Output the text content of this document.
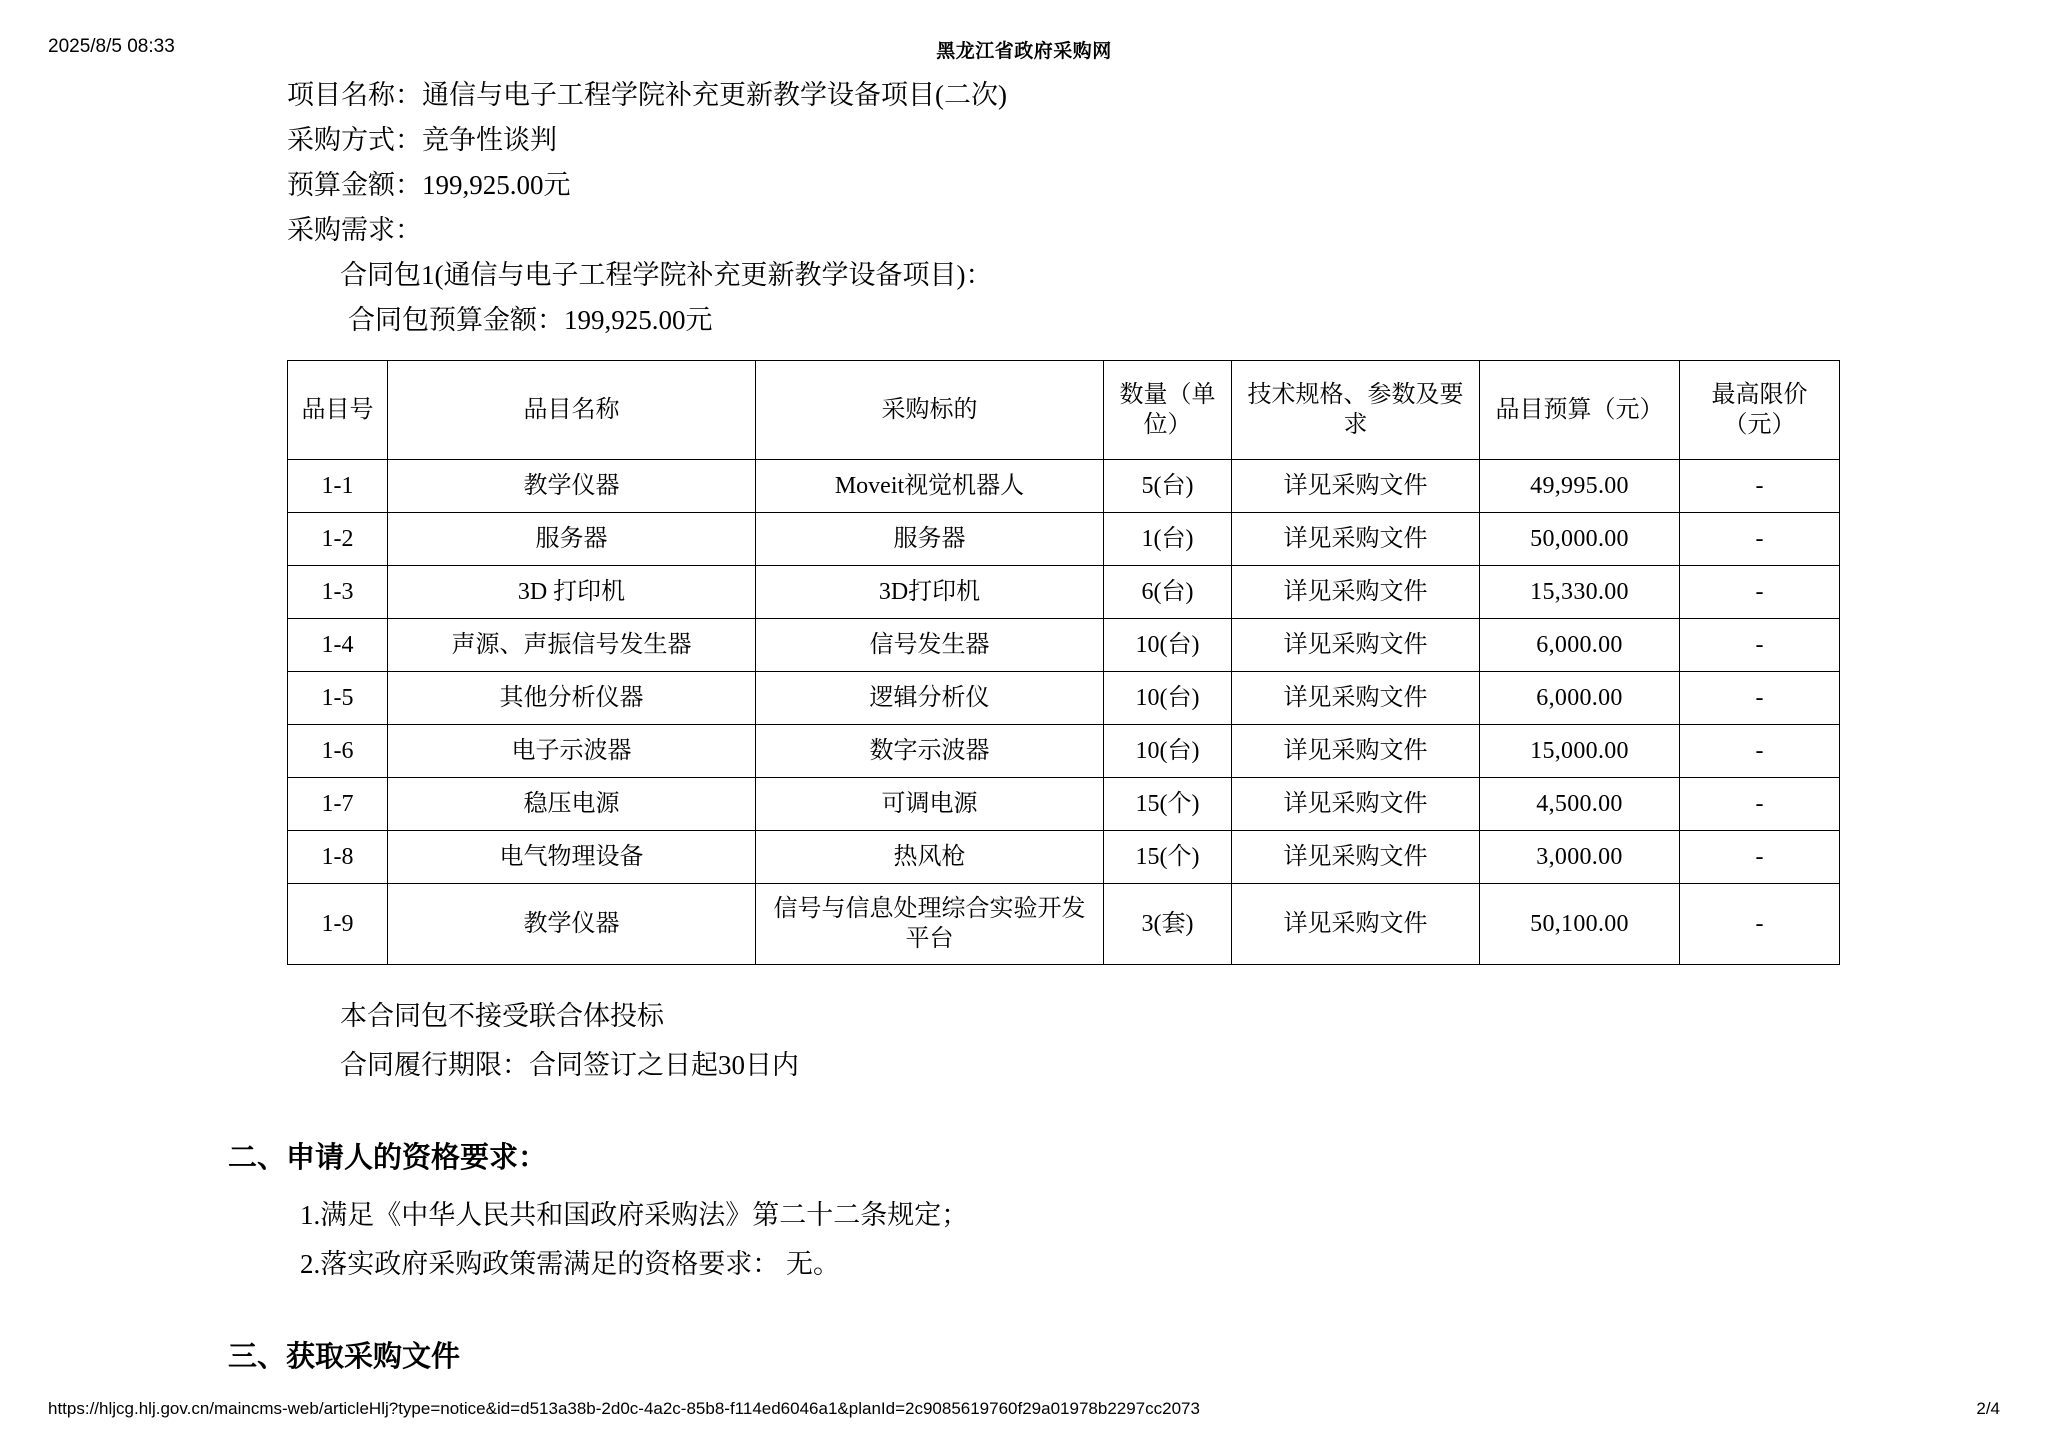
2025/8/5 08:33	黑龙江省政府采购网

项目名称：通信与电子工程学院补充更新教学设备项目(二次)

采购方式：竞争性谈判

预算金额：199,925.00元

采购需求：

合同包1(通信与电子工程学院补充更新教学设备项目)：

合同包预算金额：199,925.00元

品目号	品目名称	采购标的	数量（单位）	技术规格、参数及要求	品目预算（元）	最高限价（元）
1-1	教学仪器	Moveit视觉机器人	5(台)	详见采购文件	49,995.00	-
1-2	服务器	服务器	1(台)	详见采购文件	50,000.00	-
1-3	3D 打印机	3D打印机	6(台)	详见采购文件	15,330.00	-
1-4	声源、声振信号发生器	信号发生器	10(台)	详见采购文件	6,000.00	-
1-5	其他分析仪器	逻辑分析仪	10(台)	详见采购文件	6,000.00	-
1-6	电子示波器	数字示波器	10(台)	详见采购文件	15,000.00	-
1-7	稳压电源	可调电源	15(个)	详见采购文件	4,500.00	-
1-8	电气物理设备	热风枪	15(个)	详见采购文件	3,000.00	-
1-9	教学仪器	信号与信息处理综合实验开发平台	3(套)	详见采购文件	50,100.00	-

本合同包不接受联合体投标

合同履行期限：合同签订之日起30日内

二、申请人的资格要求：

1.满足《中华人民共和国政府采购法》第二十二条规定；

2.落实政府采购政策需满足的资格要求： 无。

三、获取采购文件
https://hljcg.hlj.gov.cn/maincms-web/articleHlj?type=notice&id=d513a38b-2d0c-4a2c-85b8-f114ed6046a1&planId=2c9085619760f29a01978b2297cc2073	2/4
